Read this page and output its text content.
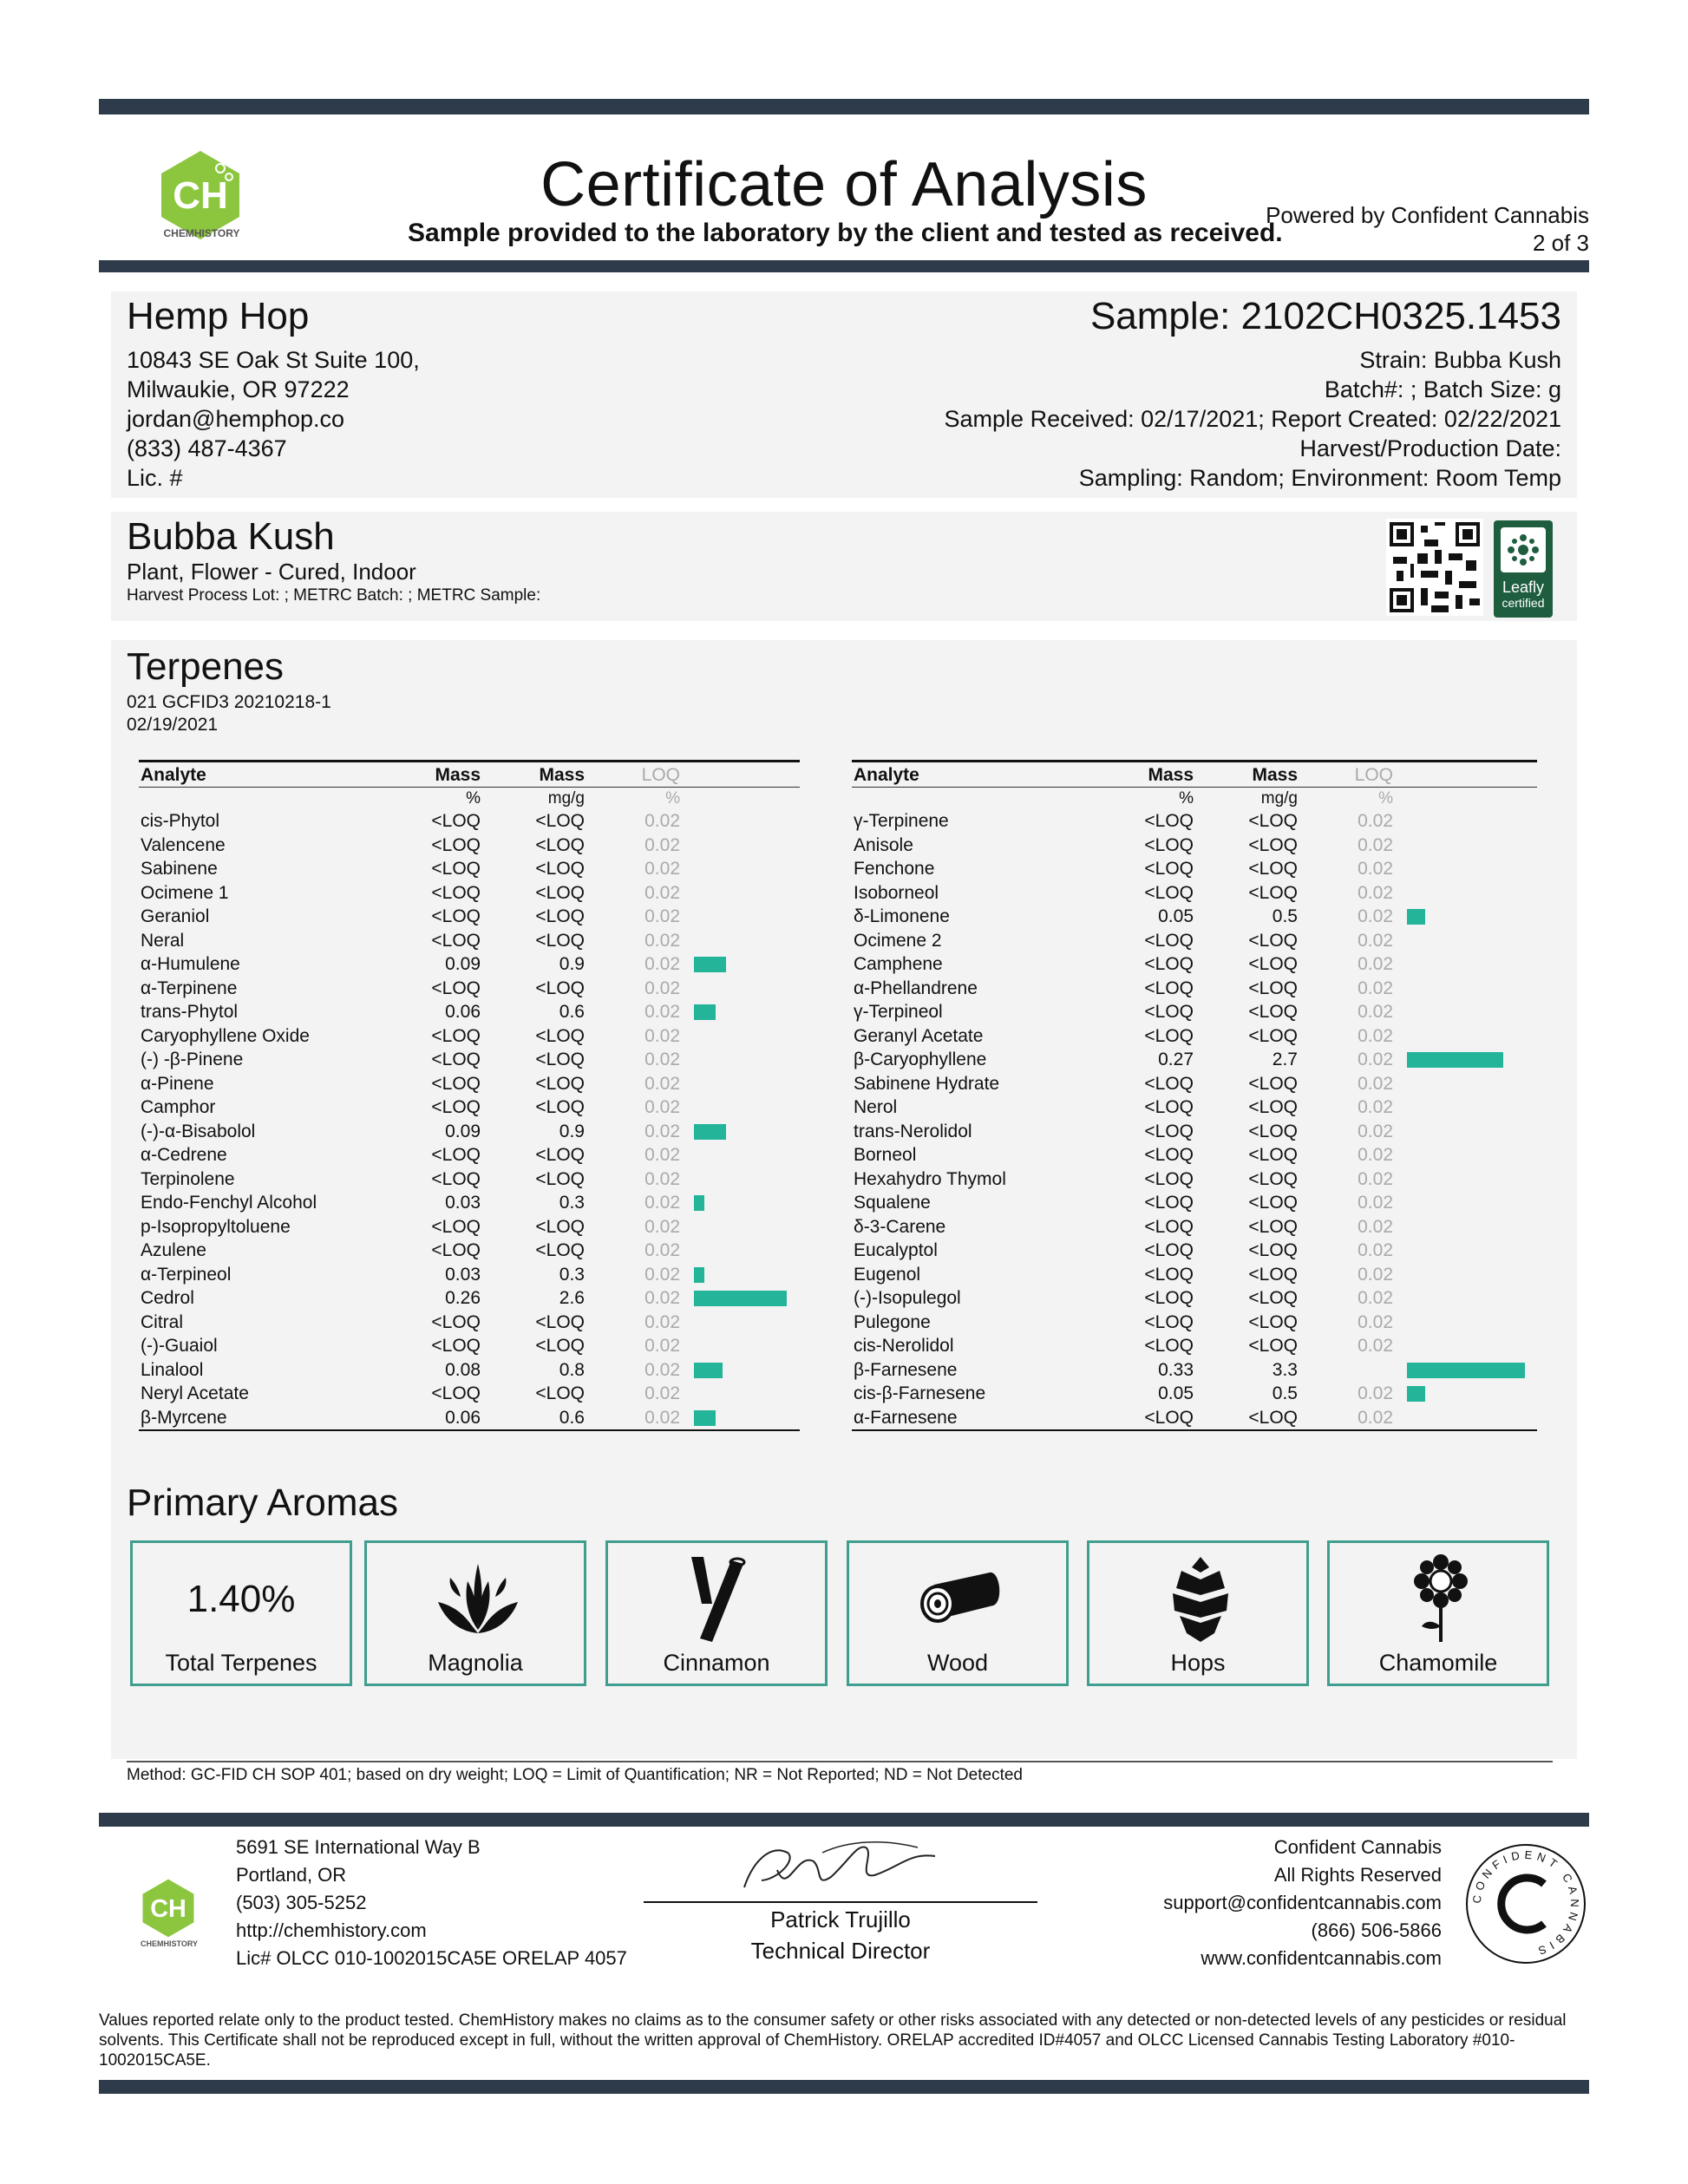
CH
CHEMHISTORY
Certificate of Analysis
Sample provided to the laboratory by the client and tested as received.
Powered by Confident Cannabis
2 of 3
Hemp Hop
10843 SE Oak St Suite 100,
Milwaukie, OR 97222
jordan@hemphop.co
(833) 487-4367
Lic. #
Sample: 2102CH0325.1453
Strain: Bubba Kush
Batch#: ; Batch Size: g
Sample Received: 02/17/2021; Report Created: 02/22/2021
Harvest/Production Date:
Sampling: Random; Environment: Room Temp
Bubba Kush
Plant, Flower - Cured, Indoor
Harvest Process Lot: ; METRC Batch: ; METRC Sample:	Leafly
certified
Terpenes
021 GCFID3 20210218-1
02/19/2021
Analyte	Mass	Mass	LOQ	
	%	mg/g	%	
cis-Phytol	<LOQ	<LOQ	0.02	
Valencene	<LOQ	<LOQ	0.02	
Sabinene	<LOQ	<LOQ	0.02	
Ocimene 1	<LOQ	<LOQ	0.02	
Geraniol	<LOQ	<LOQ	0.02	
Neral	<LOQ	<LOQ	0.02	
α-Humulene	0.09	0.9	0.02	
α-Terpinene	<LOQ	<LOQ	0.02	
trans-Phytol	0.06	0.6	0.02	
Caryophyllene Oxide	<LOQ	<LOQ	0.02	
(-) -β-Pinene	<LOQ	<LOQ	0.02	
α-Pinene	<LOQ	<LOQ	0.02	
Camphor	<LOQ	<LOQ	0.02	
(-)-α-Bisabolol	0.09	0.9	0.02	
α-Cedrene	<LOQ	<LOQ	0.02	
Terpinolene	<LOQ	<LOQ	0.02	
Endo-Fenchyl Alcohol	0.03	0.3	0.02	
p-Isopropyltoluene	<LOQ	<LOQ	0.02	
Azulene	<LOQ	<LOQ	0.02	
α-Terpineol	0.03	0.3	0.02	
Cedrol	0.26	2.6	0.02	
Citral	<LOQ	<LOQ	0.02	
(-)-Guaiol	<LOQ	<LOQ	0.02	
Linalool	0.08	0.8	0.02	
Neryl Acetate	<LOQ	<LOQ	0.02	
β-Myrcene	0.06	0.6	0.02	
Analyte	Mass	Mass	LOQ	
	%	mg/g	%	
γ-Terpinene	<LOQ	<LOQ	0.02	
Anisole	<LOQ	<LOQ	0.02	
Fenchone	<LOQ	<LOQ	0.02	
Isoborneol	<LOQ	<LOQ	0.02	
δ-Limonene	0.05	0.5	0.02	
Ocimene 2	<LOQ	<LOQ	0.02	
Camphene	<LOQ	<LOQ	0.02	
α-Phellandrene	<LOQ	<LOQ	0.02	
γ-Terpineol	<LOQ	<LOQ	0.02	
Geranyl Acetate	<LOQ	<LOQ	0.02	
β-Caryophyllene	0.27	2.7	0.02	
Sabinene Hydrate	<LOQ	<LOQ	0.02	
Nerol	<LOQ	<LOQ	0.02	
trans-Nerolidol	<LOQ	<LOQ	0.02	
Borneol	<LOQ	<LOQ	0.02	
Hexahydro Thymol	<LOQ	<LOQ	0.02	
Squalene	<LOQ	<LOQ	0.02	
δ-3-Carene	<LOQ	<LOQ	0.02	
Eucalyptol	<LOQ	<LOQ	0.02	
Eugenol	<LOQ	<LOQ	0.02	
(-)-Isopulegol	<LOQ	<LOQ	0.02	
Pulegone	<LOQ	<LOQ	0.02	
cis-Nerolidol	<LOQ	<LOQ	0.02	
β-Farnesene	0.33	3.3		
cis-β-Farnesene	0.05	0.5	0.02	
α-Farnesene	<LOQ	<LOQ	0.02	
Primary Aromas
1.40%
Total Terpenes	Magnolia	Cinnamon	Wood	Hops	Chamomile
Method: GC-FID CH SOP 401; based on dry weight; LOQ = Limit of Quantification; NR = Not Reported; ND = Not Detected
CH
CHEMHISTORY
5691 SE International Way B
Portland, OR
(503) 305-5252
http://chemhistory.com
Lic# OLCC 010-1002015CA5E ORELAP 4057
Patrick Trujillo
Technical Director
Confident Cannabis
All Rights Reserved
support@confidentcannabis.com
(866) 506-5866
www.confidentcannabis.com
CONFIDENT CANNABIS
Values reported relate only to the product tested. ChemHistory makes no claims as to the consumer safety or other risks associated with any detected or non-detected levels of any pesticides or residual solvents. This Certificate shall not be reproduced except in full, without the written approval of ChemHistory. ORELAP accredited ID#4057 and OLCC Licensed Cannabis Testing Laboratory #010-1002015CA5E.
